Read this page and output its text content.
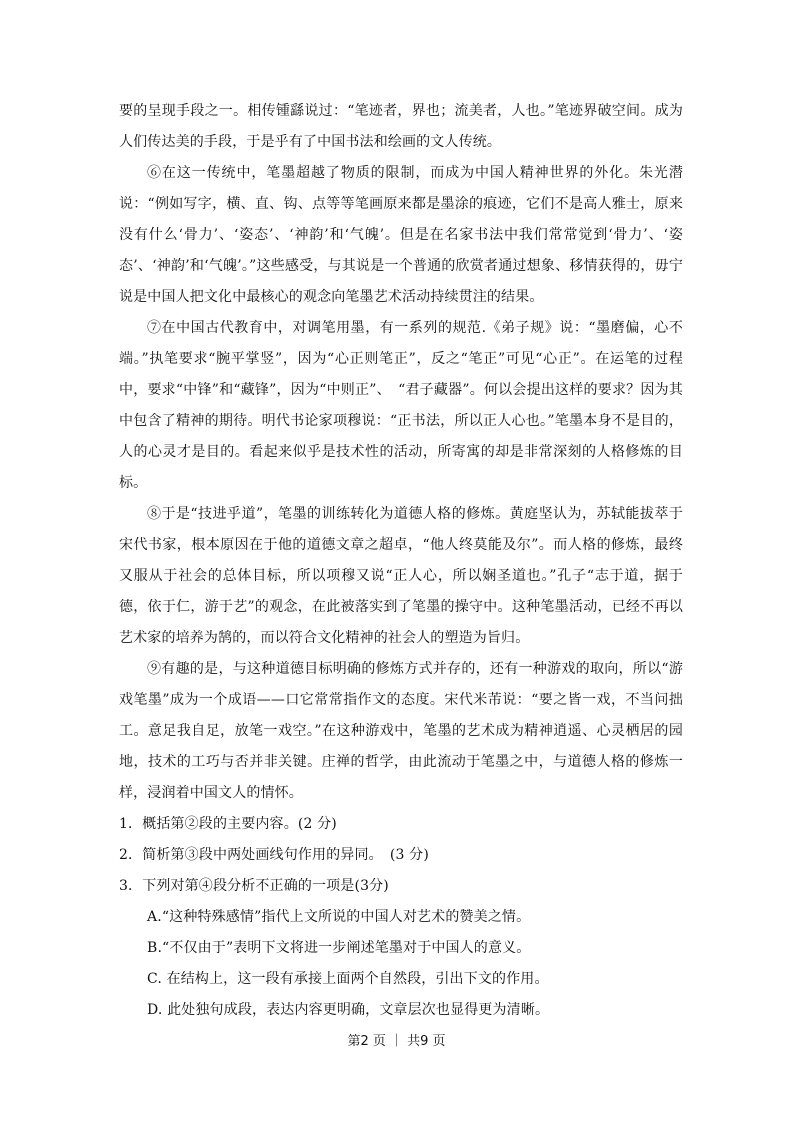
要的呈现手段之一。相传锺繇说过：“笔迹者，界也；流美者，人也。”笔迹界破空间。成为人们传达美的手段，于是乎有了中国书法和绘画的文人传统。

⑥在这一传统中，笔墨超越了物质的限制，而成为中国人精神世界的外化。朱光潜说：“例如写字，横、直、钩、点等等笔画原来都是墨涂的痕迹，它们不是高人雅士，原来没有什么‘骨力’、‘姿态’、‘神韵’和‘气魄’。但是在名家书法中我们常常觉到‘骨力’、‘姿态’、‘神韵’和‘气魄’。”这些感受，与其说是一个普通的欣赏者通过想象、移情获得的，毋宁说是中国人把文化中最核心的观念向笔墨艺术活动持续贯注的结果。

⑦在中国古代教育中，对调笔用墨，有一系列的规范.《弟子规》说：“墨磨偏，心不端。”执笔要求“腕平掌竖”，因为“心正则笔正”，反之“笔正”可见“心正”。在运笔的过程中，要求“中锋”和“藏锋”，因为“中则正”、　“君子藏器”。何以会提出这样的要求？因为其中包含了精神的期待。明代书论家项穆说：“正书法，所以正人心也。”笔墨本身不是目的，人的心灵才是目的。看起来似乎是技术性的活动，所寄寓的却是非常深刻的人格修炼的目标。

⑧于是“技进乎道”，笔墨的训练转化为道德人格的修炼。黄庭坚认为，苏轼能拔萃于宋代书家，根本原因在于他的道德文章之超卓，“他人终莫能及尔”。而人格的修炼，最终又服从于社会的总体目标，所以项穆又说“正人心，所以娴圣道也。”孔子“志于道，据于德，依于仁，游于艺”的观念，在此被落实到了笔墨的操守中。这种笔墨活动，已经不再以艺术家的培养为鹄的，而以符合文化精神的社会人的塑造为旨归。

⑨有趣的是，与这种道德目标明确的修炼方式并存的，还有一种游戏的取向，所以“游戏笔墨”成为一个成语——口它常常指作文的态度。宋代米芾说：“要之皆一戏，不当问拙工。意足我自足，放笔一戏空。”在这种游戏中，笔墨的艺术成为精神逍遥、心灵栖居的园地，技术的工巧与否并非关键。庄禅的哲学，由此流动于笔墨之中，与道德人格的修炼一样，浸润着中国文人的情怀。

1．概括第②段的主要内容。(2 分)

2．简析第③段中两处画线句作用的异同。　(3 分)

3．下列对第④段分析不正确的一项是(3分)

A.“这种特殊感情”指代上文所说的中国人对艺术的赞美之情。

B.“不仅由于”表明下文将进一步阐述笔墨对于中国人的意义。

C. 在结构上，这一段有承接上面两个自然段，引出下文的作用。

D. 此处独句成段，表达内容更明确，文章层次也显得更为清晰。

第2 页 ｜ 共9 页
